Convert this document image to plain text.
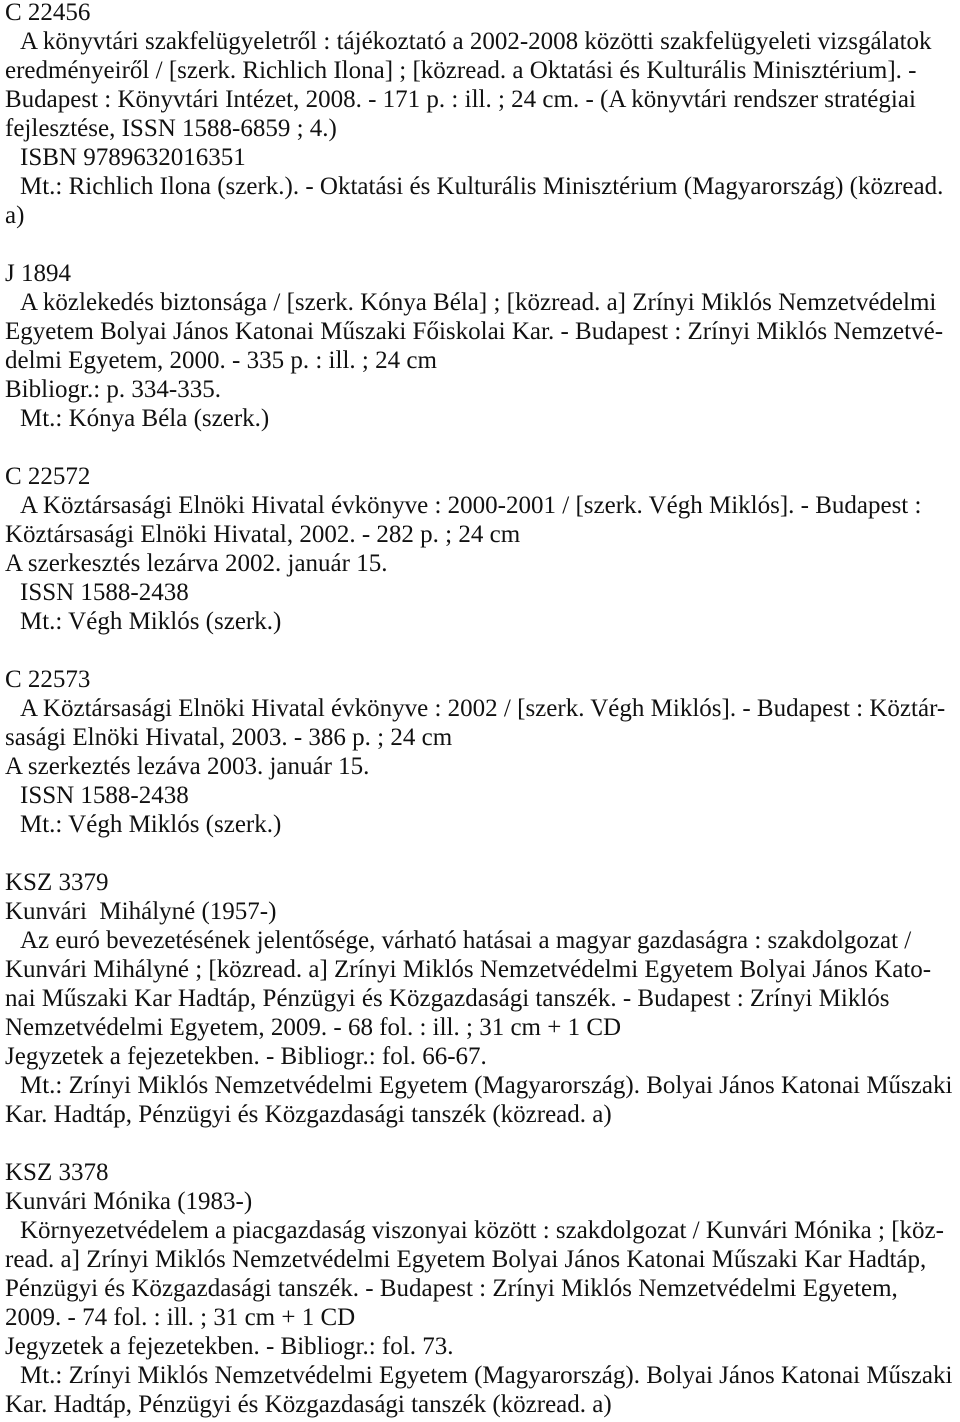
C 22456
A könyvtári szakfelügyeletről : tájékoztató a 2002-2008 közötti szakfelügyeleti vizsgálatok
eredményeiről / [szerk. Richlich Ilona] ; [közread. a Oktatási és Kulturális Minisztérium]. -
Budapest : Könyvtári Intézet, 2008. - 171 p. : ill. ; 24 cm. - (A könyvtári rendszer stratégiai
fejlesztése, ISSN 1588-6859 ; 4.)
ISBN 9789632016351
Mt.: Richlich Ilona (szerk.). - Oktatási és Kulturális Minisztérium (Magyarország) (közread.
a)
J 1894
A közlekedés biztonsága / [szerk. Kónya Béla] ; [közread. a] Zrínyi Miklós Nemzetvédelmi
Egyetem Bolyai János Katonai Műszaki Főiskolai Kar. - Budapest : Zrínyi Miklós Nemzetvé-
delmi Egyetem, 2000. - 335 p. : ill. ; 24 cm
Bibliogr.: p. 334-335.
Mt.: Kónya Béla (szerk.)
C 22572
A Köztársasági Elnöki Hivatal évkönyve : 2000-2001 / [szerk. Végh Miklós]. - Budapest :
Köztársasági Elnöki Hivatal, 2002. - 282 p. ; 24 cm
A szerkesztés lezárva 2002. január 15.
ISSN 1588-2438
Mt.: Végh Miklós (szerk.)
C 22573
A Köztársasági Elnöki Hivatal évkönyve : 2002 / [szerk. Végh Miklós]. - Budapest : Köztár-
sasági Elnöki Hivatal, 2003. - 386 p. ; 24 cm
A szerkeztés lezáva 2003. január 15.
ISSN 1588-2438
Mt.: Végh Miklós (szerk.)
KSZ 3379
Kunvári  Mihályné (1957-)
Az euró bevezetésének jelentősége, várható hatásai a magyar gazdaságra : szakdolgozat /
Kunvári Mihályné ; [közread. a] Zrínyi Miklós Nemzetvédelmi Egyetem Bolyai János Kato-
nai Műszaki Kar Hadtáp, Pénzügyi és Közgazdasági tanszék. - Budapest : Zrínyi Miklós
Nemzetvédelmi Egyetem, 2009. - 68 fol. : ill. ; 31 cm + 1 CD
Jegyzetek a fejezetekben. - Bibliogr.: fol. 66-67.
Mt.: Zrínyi Miklós Nemzetvédelmi Egyetem (Magyarország). Bolyai János Katonai Műszaki
Kar. Hadtáp, Pénzügyi és Közgazdasági tanszék (közread. a)
KSZ 3378
Kunvári Mónika (1983-)
Környezetvédelem a piacgazdaság viszonyai között : szakdolgozat / Kunvári Mónika ; [köz-
read. a] Zrínyi Miklós Nemzetvédelmi Egyetem Bolyai János Katonai Műszaki Kar Hadtáp,
Pénzügyi és Közgazdasági tanszék. - Budapest : Zrínyi Miklós Nemzetvédelmi Egyetem,
2009. - 74 fol. : ill. ; 31 cm + 1 CD
Jegyzetek a fejezetekben. - Bibliogr.: fol. 73.
Mt.: Zrínyi Miklós Nemzetvédelmi Egyetem (Magyarország). Bolyai János Katonai Műszaki
Kar. Hadtáp, Pénzügyi és Közgazdasági tanszék (közread. a)
